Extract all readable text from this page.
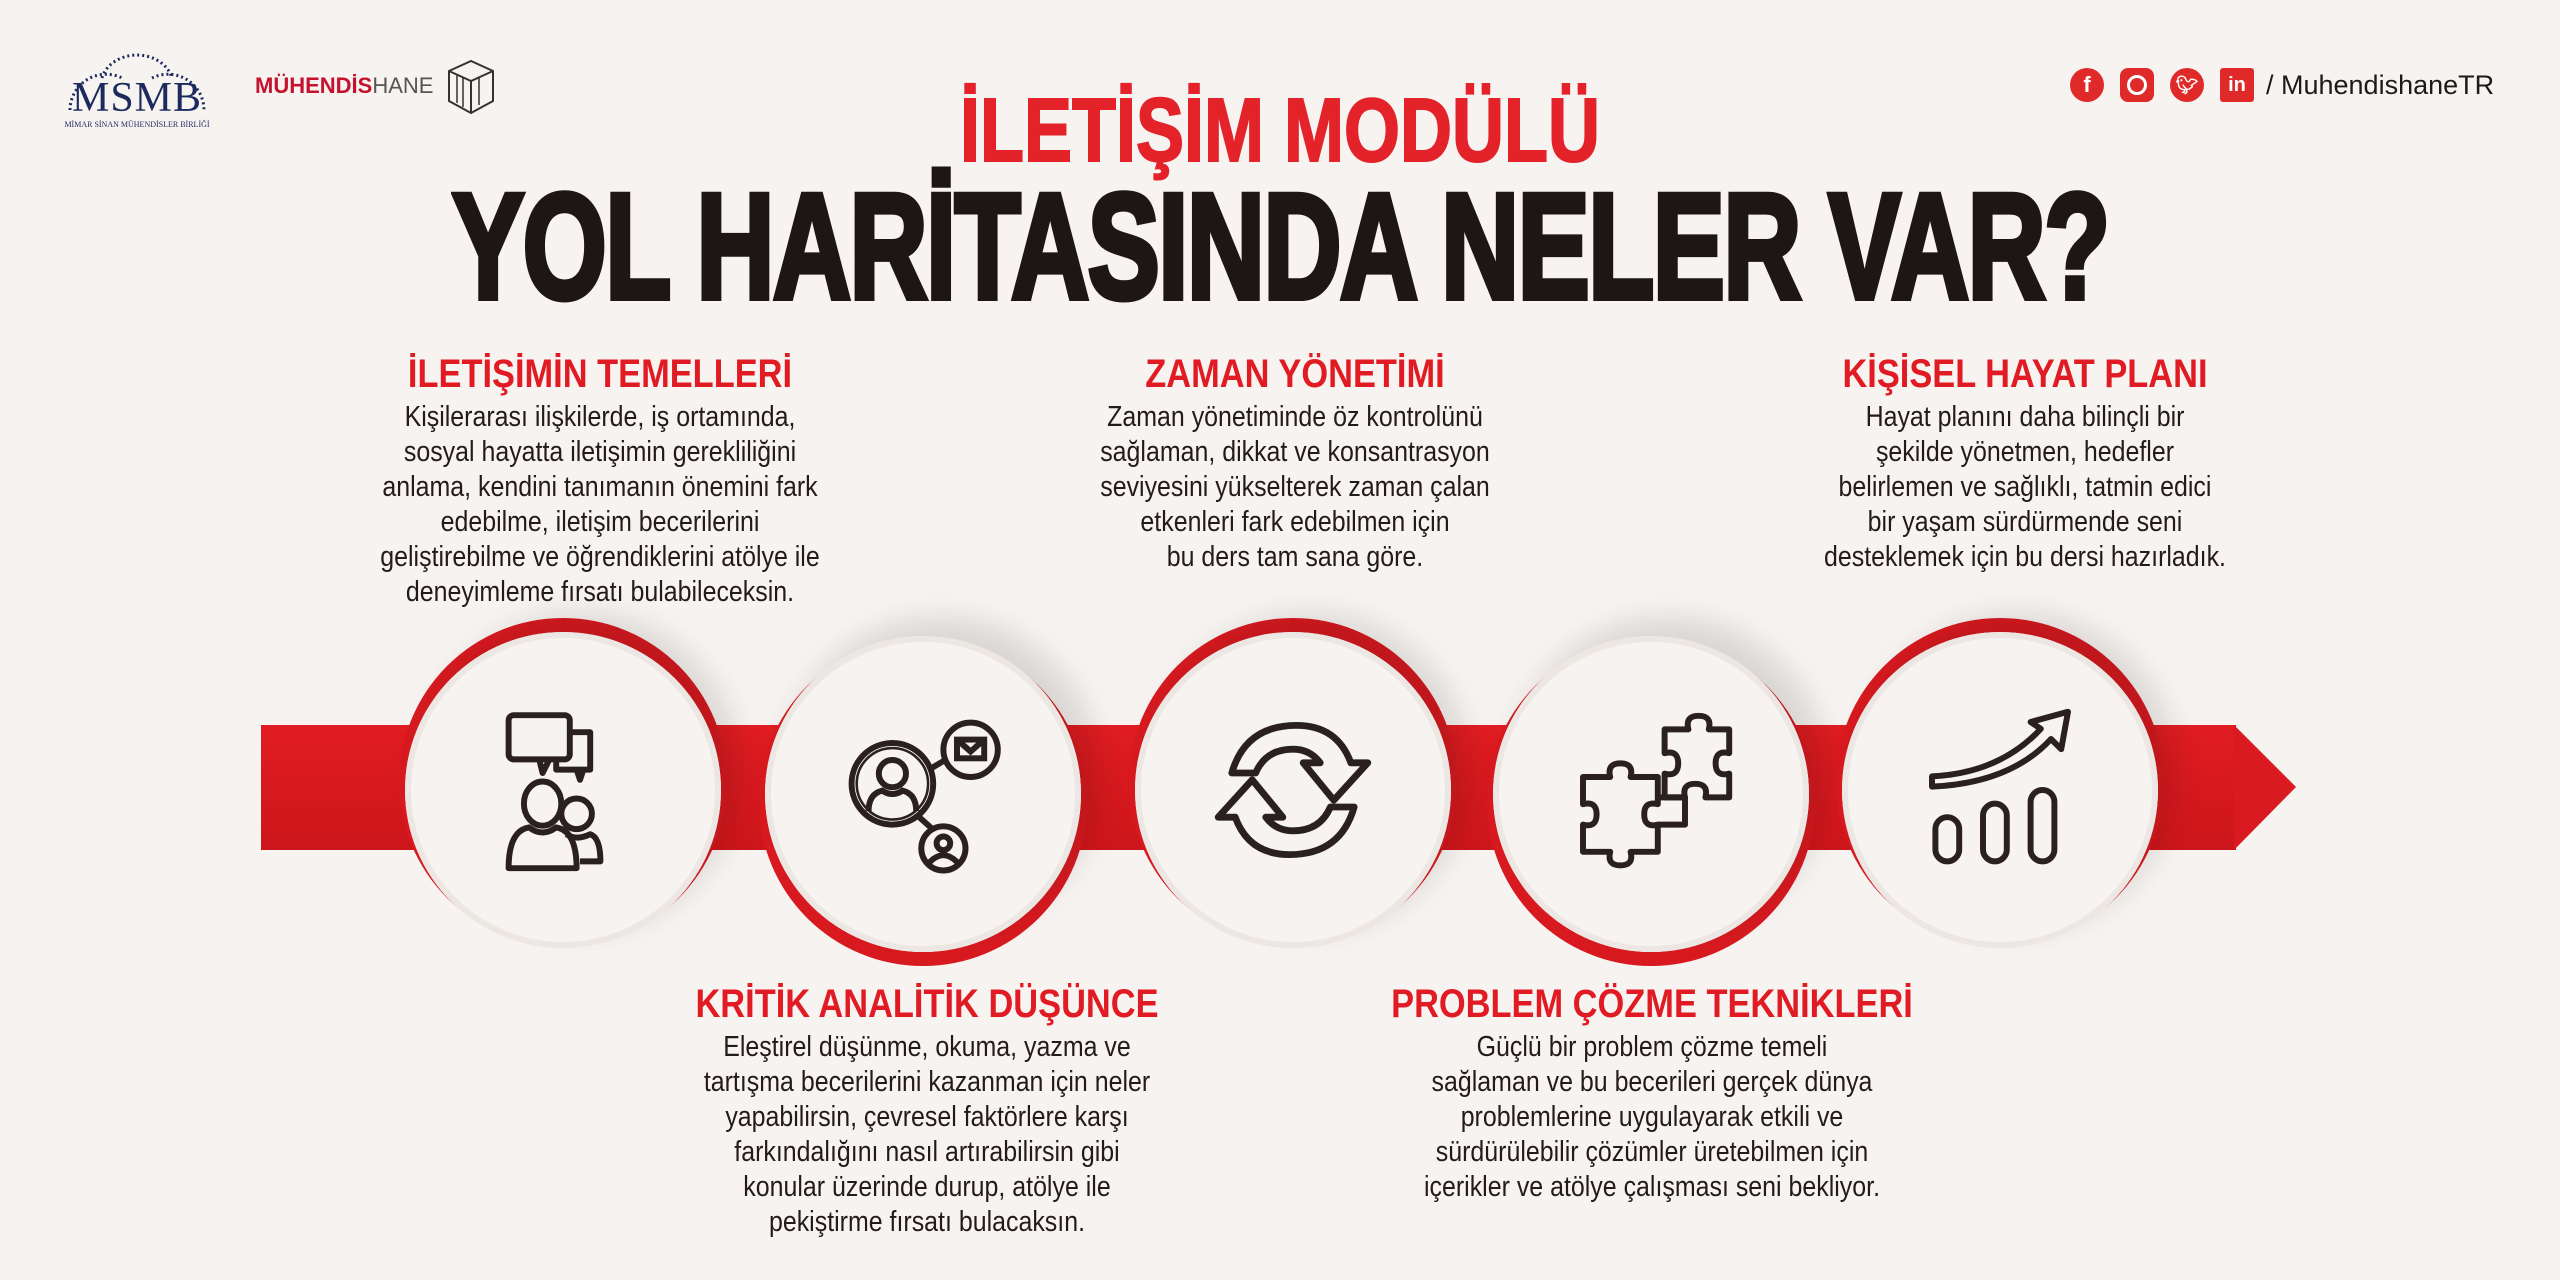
MSMB
MİMAR SİNAN MÜHENDİSLER BİRLİĞİ
MÜHENDİS HANE	f	🐦︎	in / MuhendishaneTR
İLETİŞİM MODÜLÜ
YOL HARİTASINDA NELER VAR?
İLETİŞİMİN TEMELLERİ

Kişilerarası ilişkilerde, iş ortamında,

sosyal hayatta iletişimin gerekliliğini

anlama, kendini tanımanın önemini fark

edebilme, iletişim becerilerini

geliştirebilme ve öğrendiklerini atölye ile

deneyimleme fırsatı bulabileceksin.

KRİTİK ANALİTİK DÜŞÜNCE

Eleştirel düşünme, okuma, yazma ve

tartışma becerilerini kazanman için neler

yapabilirsin, çevresel faktörlere karşı

farkındalığını nasıl artırabilirsin gibi

konular üzerinde durup, atölye ile

pekiştirme fırsatı bulacaksın.

ZAMAN YÖNETİMİ

Zaman yönetiminde öz kontrolünü

sağlaman, dikkat ve konsantrasyon

seviyesini yükselterek zaman çalan

etkenleri fark edebilmen için

bu ders tam sana göre.

PROBLEM ÇÖZME TEKNİKLERİ

Güçlü bir problem çözme temeli

sağlaman ve bu becerileri gerçek dünya

problemlerine uygulayarak etkili ve

sürdürülebilir çözümler üretebilmen için

içerikler ve atölye çalışması seni bekliyor.

KİŞİSEL HAYAT PLANI

Hayat planını daha bilinçli bir

şekilde yönetmen, hedefler

belirlemen ve sağlıklı, tatmin edici

bir yaşam sürdürmende seni

desteklemek için bu dersi hazırladık.
